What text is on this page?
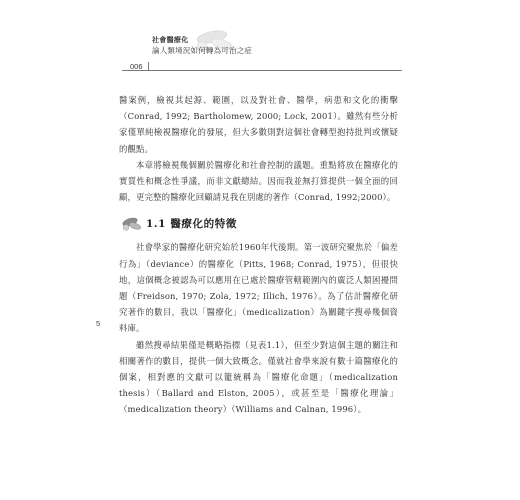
社會醫療化
論人類境況如何轉為可治之症
006

醫案例，檢視其起源、範圍，以及對社會、醫學，病患和文化的衝擊（Conrad, 1992; Bartholomew, 2000; Lock, 2001）。雖然有些分析家僅單純檢視醫療化的發展，但大多數則對這個社會轉型抱持批判或懷疑的觀點。

本章將檢視幾個關於醫療化和社會控制的議題。重點將放在醫療化的實質性和概念性爭議，而非文獻總結。因而我並無打算提供一個全面的回顧，更完整的醫療化回顧請見我在別處的著作（Conrad, 1992;2000）。

1.1 醫療化的特徵

社會學家的醫療化研究始於1960年代後期。第一波研究聚焦於「偏差行為」（deviance）的醫療化（Pitts, 1968; Conrad, 1975），但很快地，這個概念被認為可以應用在已處於醫療管轄範圍內的廣泛人類困擾問題（Freidson, 1970; Zola, 1972; Illich, 1976）。為了估計醫療化研究著作的數目，我以「醫療化」（medicalization）為關鍵字搜尋幾個資料庫。

雖然搜尋結果僅是概略指標（見表1.1），但至少對這個主題的關注和相關著作的數目，提供一個大致概念。僅就社會學來說有數十篇醫療化的個案，相對應的文獻可以籠統稱為「醫療化命題」（medicalization thesis）（Ballard and Elston, 2005），或甚至是「醫療化理論」（medicalization theory）（Williams and Calnan, 1996）。

5
